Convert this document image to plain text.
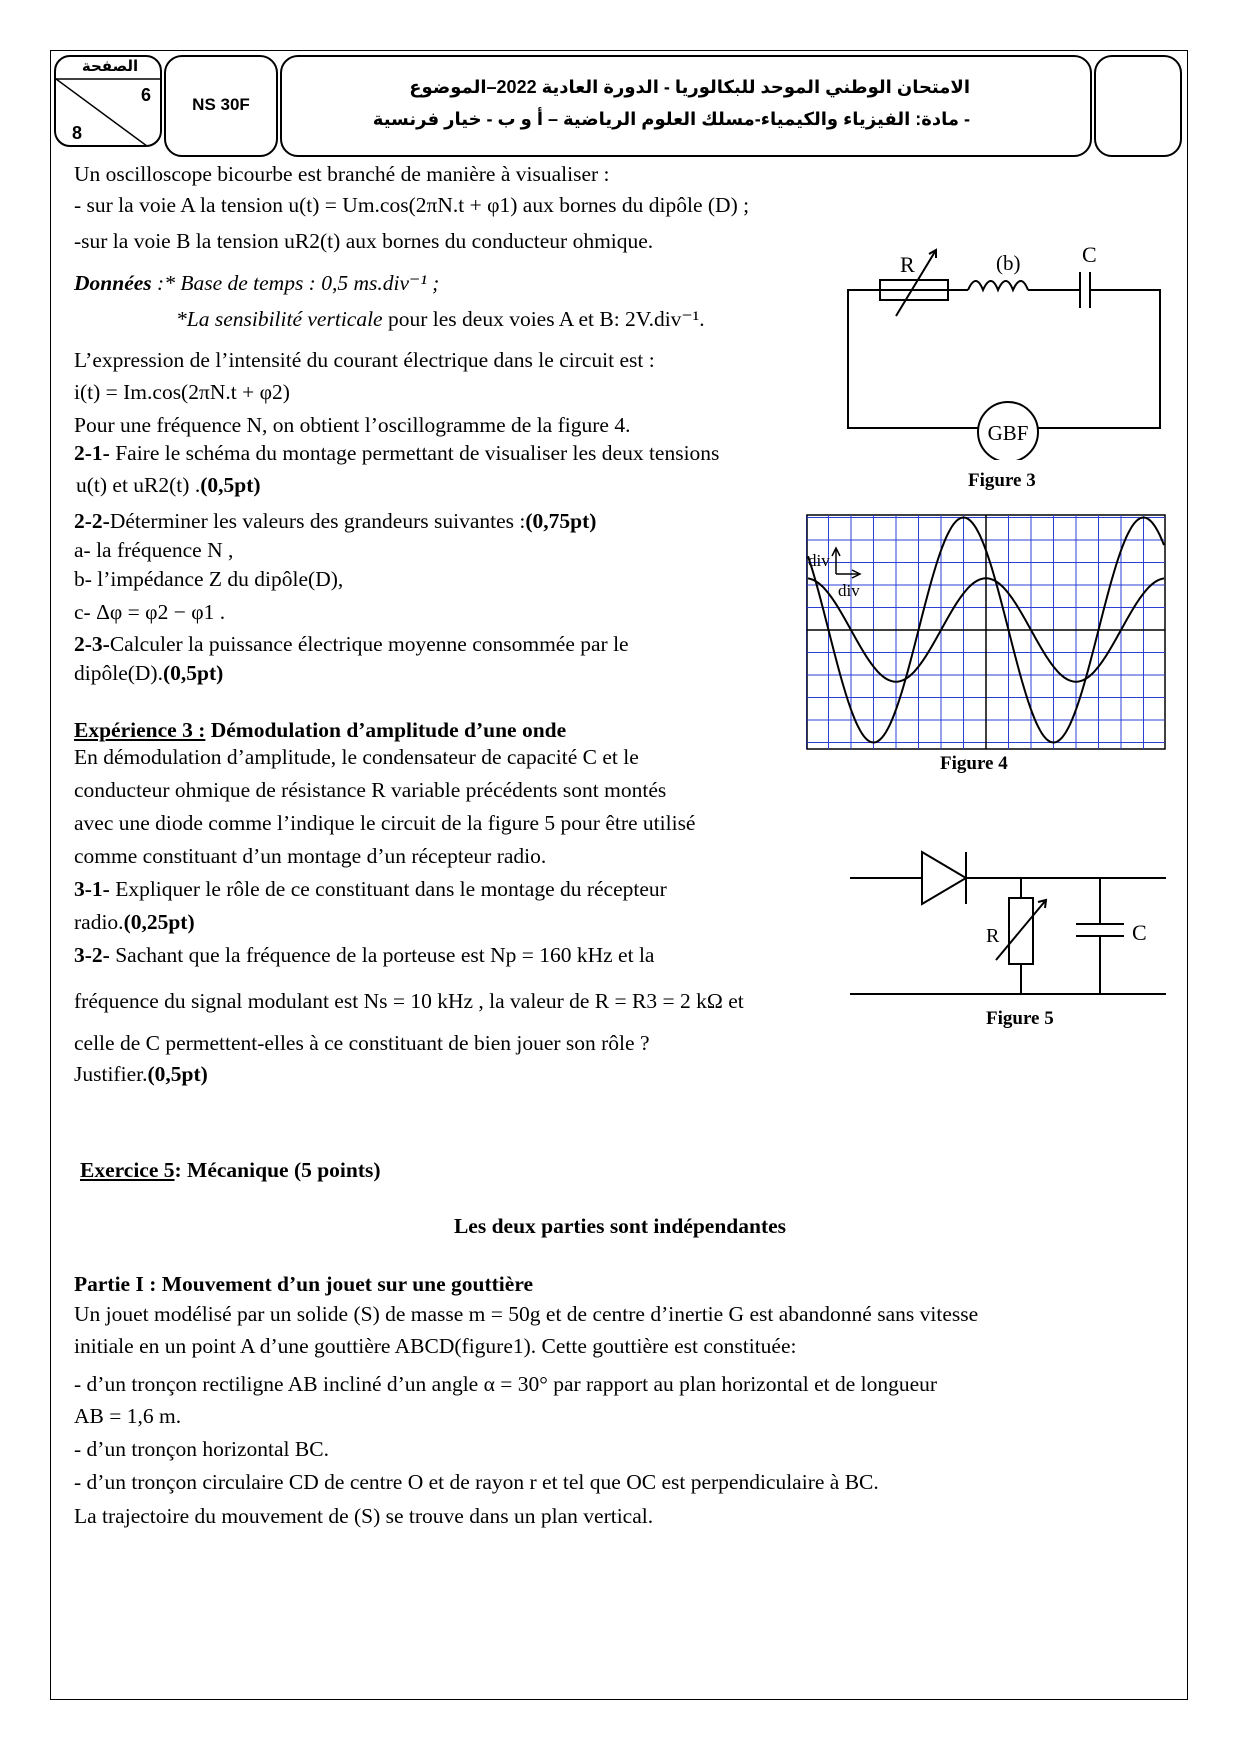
الصفحة
6
8
NS 30F
الامتحان الوطني الموحد للبكالوريا - الدورة العادية 2022–الموضوع
- مادة: الفيزياء والكيمياء-مسلك العلوم الرياضية – أ و ب - خيار فرنسية
Un oscilloscope bicourbe est branché de manière à visualiser :
- sur la voie A la tension u(t) = Um.cos(2πN.t + φ1) aux bornes du dipôle (D) ;
-sur la voie B la tension uR2(t) aux bornes du conducteur ohmique.
Données :* Base de temps : 0,5 ms.div⁻¹ ;
*La sensibilité verticale pour les deux voies A et B: 2V.div⁻¹.
L’expression de l’intensité du courant électrique dans le circuit est :
i(t) = Im.cos(2πN.t + φ2)
Pour une fréquence N, on obtient l’oscillogramme de la figure 4.
2-1- Faire le schéma du montage permettant de visualiser les deux tensions
u(t) et uR2(t) .(0,5pt)
2-2-Déterminer les valeurs des grandeurs suivantes :(0,75pt)
a- la fréquence N ,
b- l’impédance Z du dipôle(D),
c- Δφ = φ2 − φ1 .
2-3-Calculer la puissance électrique moyenne consommée par le
dipôle(D).(0,5pt)
Expérience 3 : Démodulation d’amplitude d’une onde
En démodulation d’amplitude, le condensateur de capacité C et le
conducteur ohmique de résistance R variable précédents sont montés
avec une diode comme l’indique le circuit de la figure 5 pour être utilisé
comme constituant d’un montage d’un récepteur radio.
3-1- Expliquer le rôle de ce constituant dans le montage du récepteur
radio.(0,25pt)
3-2- Sachant que la fréquence de la porteuse est Np = 160 kHz et la
fréquence du signal modulant est Ns = 10 kHz , la valeur de R = R3 = 2 kΩ et
celle de C permettent-elles à ce constituant de bien jouer son rôle ?
Justifier.(0,5pt)
Exercice 5: Mécanique (5 points)
Les deux parties sont indépendantes
Partie I : Mouvement d’un jouet sur une gouttière
Un jouet modélisé par un solide (S) de masse m = 50g et de centre d’inertie G est abandonné sans vitesse
initiale en un point A d’une gouttière ABCD(figure1). Cette gouttière est constituée:
- d’un tronçon rectiligne AB incliné d’un angle α = 30° par rapport au plan horizontal et de longueur
AB = 1,6 m.
- d’un tronçon horizontal BC.
- d’un tronçon circulaire CD de centre O et de rayon r et tel que OC est perpendiculaire à BC.
La trajectoire du mouvement de (S) se trouve dans un plan vertical.
R	(b)	C
GBF
Figure 3
div
div
Figure 4
R	C
Figure 5
